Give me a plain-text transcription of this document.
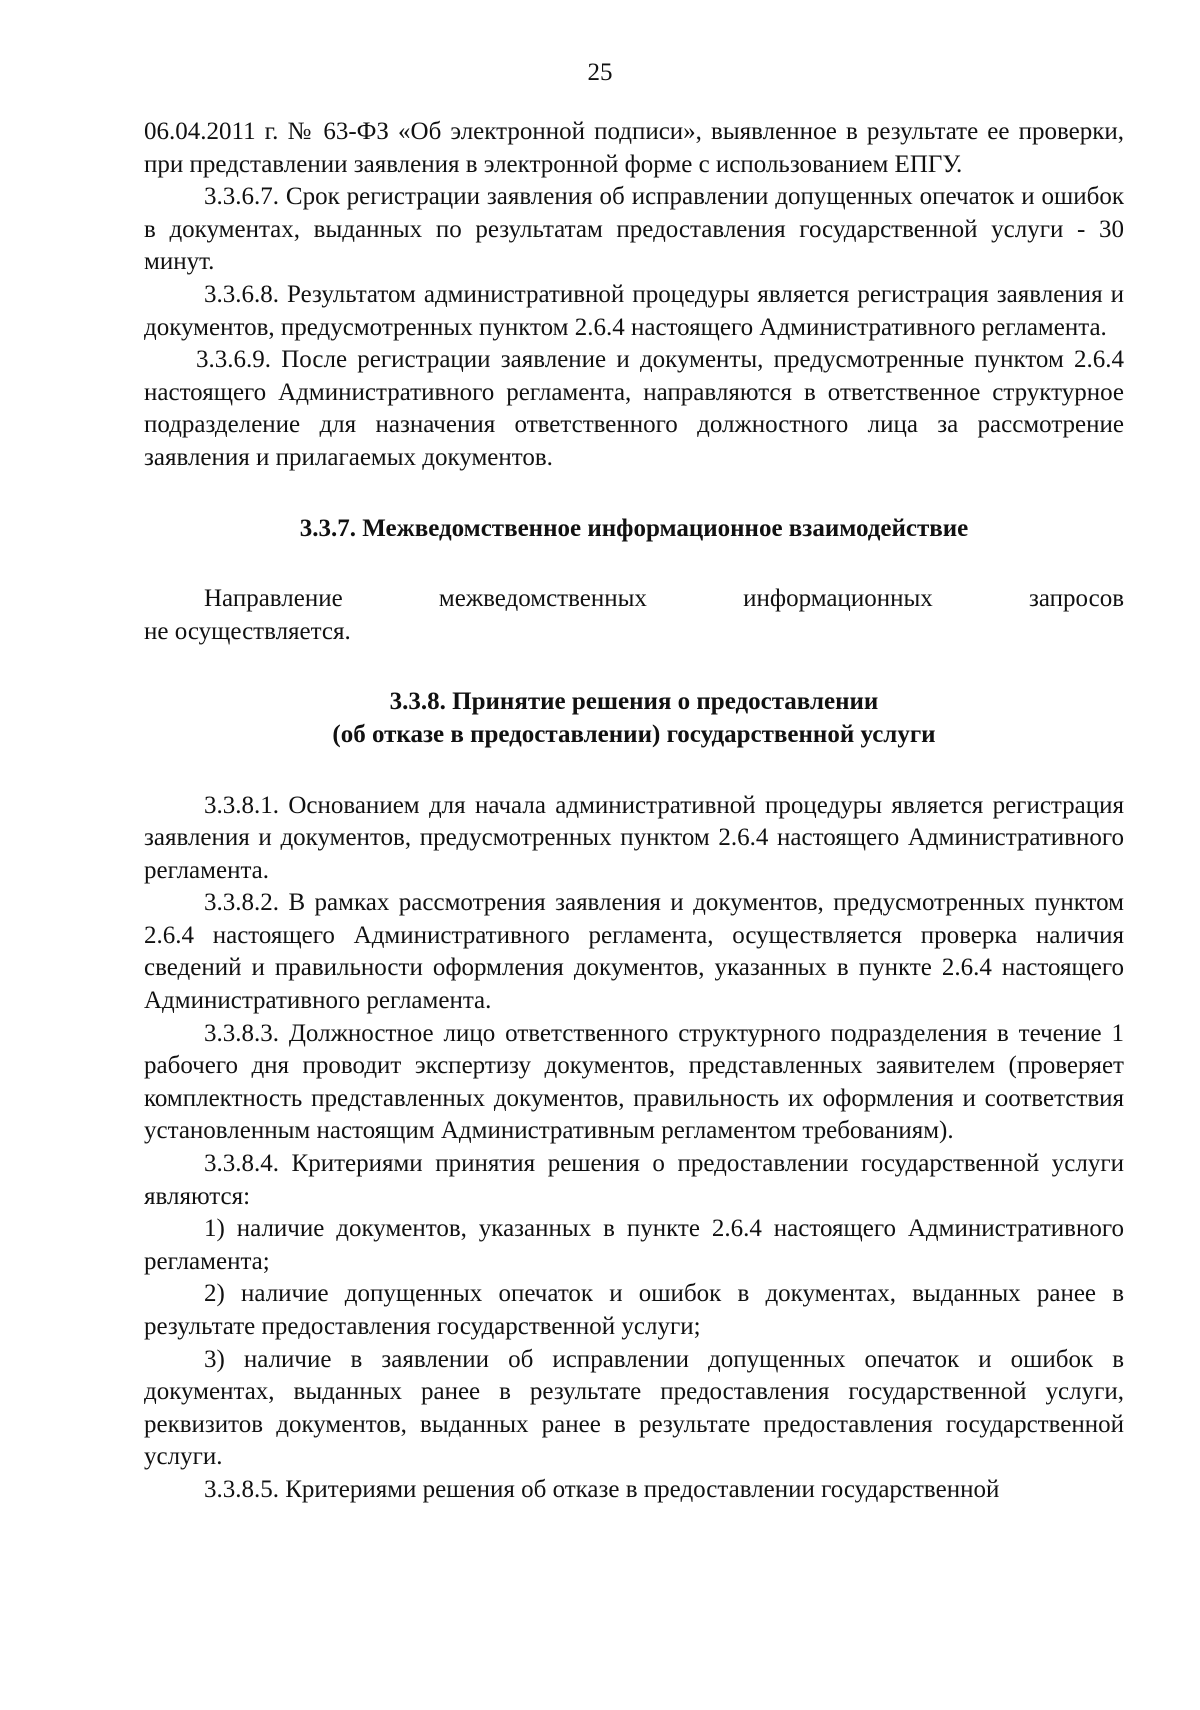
25

06.04.2011 г. № 63-ФЗ «Об электронной подписи», выявленное в результате ее проверки, при представлении заявления в электронной форме с использованием ЕПГУ.

3.3.6.7. Срок регистрации заявления об исправлении допущенных опечаток и ошибок в документах, выданных по результатам предоставления государственной услуги - 30 минут.

3.3.6.8. Результатом административной процедуры является регистрация заявления и документов, предусмотренных пунктом 2.6.4 настоящего Административного регламента.

3.3.6.9. После регистрации заявление и документы, предусмотренные пунктом 2.6.4 настоящего Административного регламента, направляются в ответственное структурное подразделение для назначения ответственного должностного лица за рассмотрение заявления и прилагаемых документов.

3.3.7. Межведомственное информационное взаимодействие

Направление межведомственных информационных запросов

не осуществляется.

3.3.8. Принятие решения о предоставлении

(об отказе в предоставлении) государственной услуги

3.3.8.1. Основанием для начала административной процедуры является регистрация заявления и документов, предусмотренных пунктом 2.6.4 настоящего Административного регламента.

3.3.8.2. В рамках рассмотрения заявления и документов, предусмотренных пунктом 2.6.4 настоящего Административного регламента, осуществляется проверка наличия сведений и правильности оформления документов, указанных в пункте 2.6.4 настоящего Административного регламента.

3.3.8.3. Должностное лицо ответственного структурного подразделения в течение 1 рабочего дня проводит экспертизу документов, представленных заявителем (проверяет комплектность представленных документов, правильность их оформления и соответствия установленным настоящим Административным регламентом требованиям).

3.3.8.4. Критериями принятия решения о предоставлении государственной услуги являются:

1) наличие документов, указанных в пункте 2.6.4 настоящего Административного регламента;

2) наличие допущенных опечаток и ошибок в документах, выданных ранее в результате предоставления государственной услуги;

3) наличие в заявлении об исправлении допущенных опечаток и ошибок в документах, выданных ранее в результате предоставления государственной услуги, реквизитов документов, выданных ранее в результате предоставления государственной услуги.

3.3.8.5. Критериями решения об отказе в предоставлении государственной
